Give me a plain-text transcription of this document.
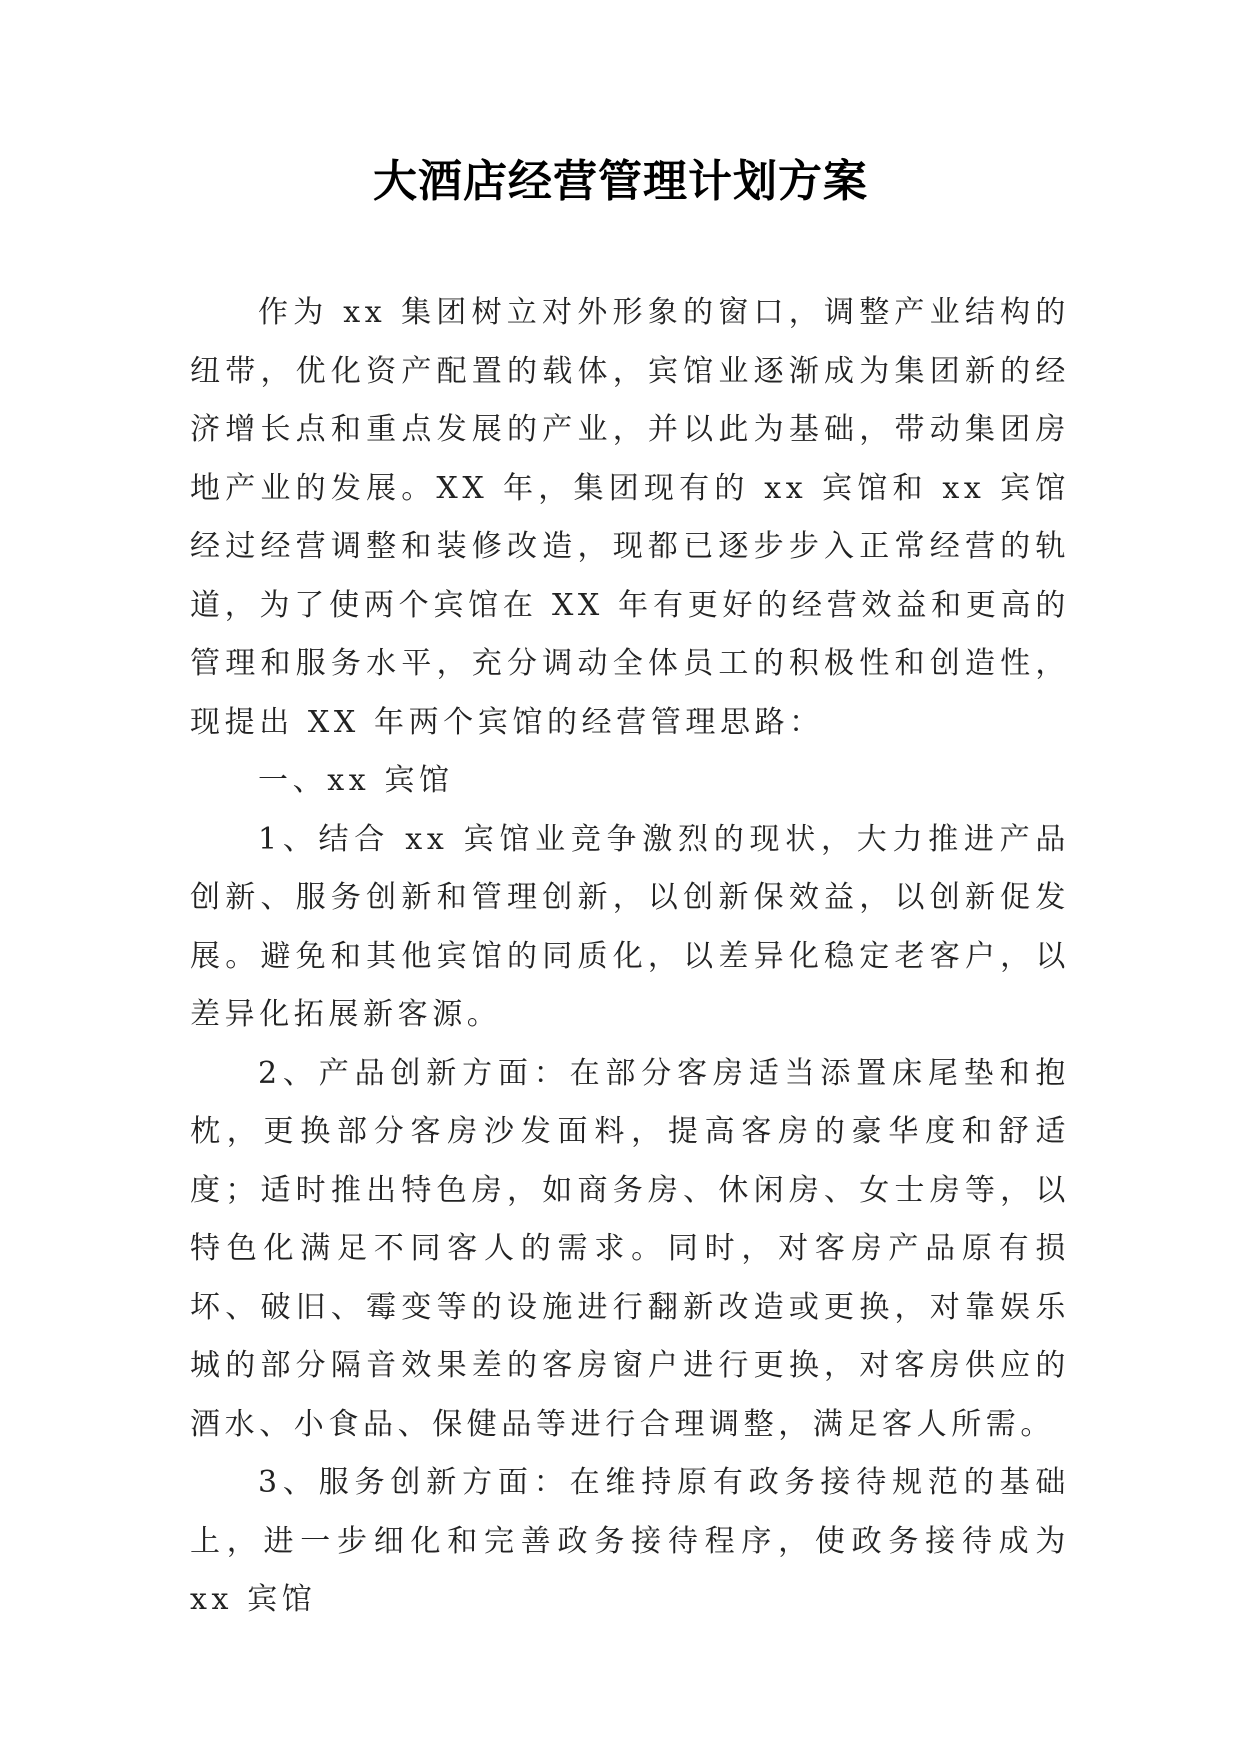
大酒店经营管理计划方案

作为 xx 集团树立对外形象的窗口，调整产业结构的纽带，优化资产配置的载体，宾馆业逐渐成为集团新的经济增长点和重点发展的产业，并以此为基础，带动集团房地产业的发展。XX 年，集团现有的 xx 宾馆和 xx 宾馆经过经营调整和装修改造，现都已逐步步入正常经营的轨道，为了使两个宾馆在 XX 年有更好的经营效益和更高的管理和服务水平，充分调动全体员工的积极性和创造性，现提出 XX 年两个宾馆的经营管理思路：

一、xx 宾馆

1、结合 xx 宾馆业竞争激烈的现状，大力推进产品创新、服务创新和管理创新，以创新保效益，以创新促发展。避免和其他宾馆的同质化，以差异化稳定老客户，以差异化拓展新客源。

2、产品创新方面：在部分客房适当添置床尾垫和抱枕，更换部分客房沙发面料，提高客房的豪华度和舒适度；适时推出特色房，如商务房、休闲房、女士房等，以特色化满足不同客人的需求。同时，对客房产品原有损坏、破旧、霉变等的设施进行翻新改造或更换，对靠娱乐城的部分隔音效果差的客房窗户进行更换，对客房供应的酒水、小食品、保健品等进行合理调整，满足客人所需。

3、服务创新方面：在维持原有政务接待规范的基础上，进一步细化和完善政务接待程序，使政务接待成为 xx 宾馆
